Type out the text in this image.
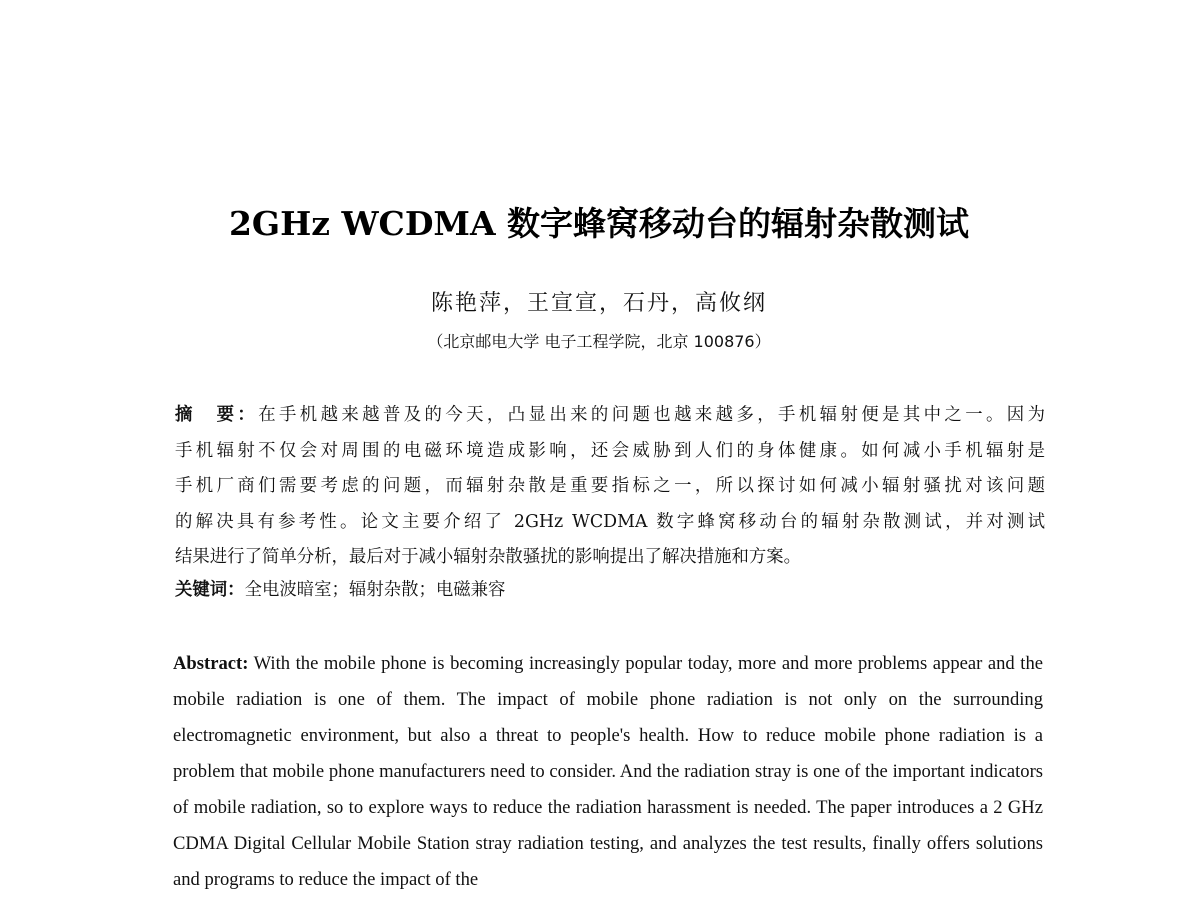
2GHz WCDMA 数字蜂窝移动台的辐射杂散测试
陈艳萍，王宣宣，石丹，高攸纲
（北京邮电大学 电子工程学院，北京 100876）
摘　要：在手机越来越普及的今天，凸显出来的问题也越来越多，手机辐射便是其中之一。因为
手机辐射不仅会对周围的电磁环境造成影响，还会威胁到人们的身体健康。如何减小手机辐射是
手机厂商们需要考虑的问题，而辐射杂散是重要指标之一，所以探讨如何减小辐射骚扰对该问题
的解决具有参考性。论文主要介绍了 2GHz WCDMA 数字蜂窝移动台的辐射杂散测试，并对测试
结果进行了简单分析，最后对于减小辐射杂散骚扰的影响提出了解决措施和方案。
关键词：全电波暗室；辐射杂散；电磁兼容
Abstract: With the mobile phone is becoming increasingly popular today, more and more problems appear and the mobile radiation is one of them. The impact of mobile phone radiation is not only on the surrounding electromagnetic environment, but also a threat to people's health. How to reduce mobile phone radiation is a problem that mobile phone manufacturers need to consider. And the radiation stray is one of the important indicators of mobile radiation, so to explore ways to reduce the radiation harassment is needed. The paper introduces a 2 GHz CDMA Digital Cellular Mobile Station stray radiation testing, and analyzes the test results, finally offers solutions and programs to reduce the impact of the
